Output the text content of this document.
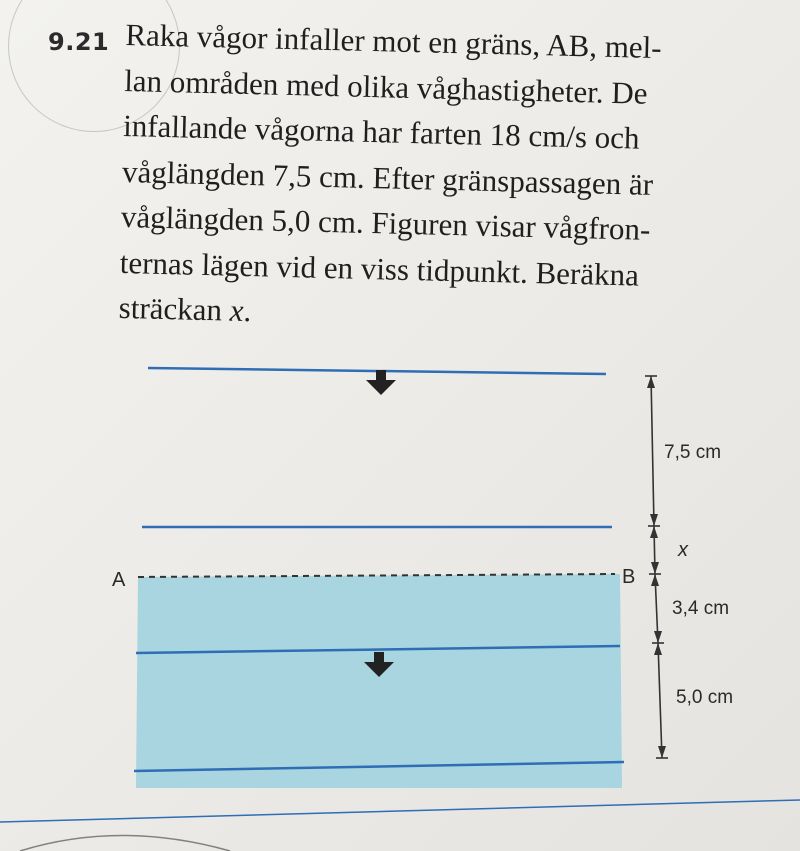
9.21 Raka vågor infaller mot en gräns, AB, mel-
lan områden med olika våghastigheter. De
infallande vågorna har farten 18 cm/s och
våglängden 7,5 cm. Efter gränspassagen är
våglängden 5,0 cm. Figuren visar vågfron-
ternas lägen vid en viss tidpunkt. Beräkna
sträckan x.

A	B
7,5 cm
x
3,4 cm
5,0 cm
